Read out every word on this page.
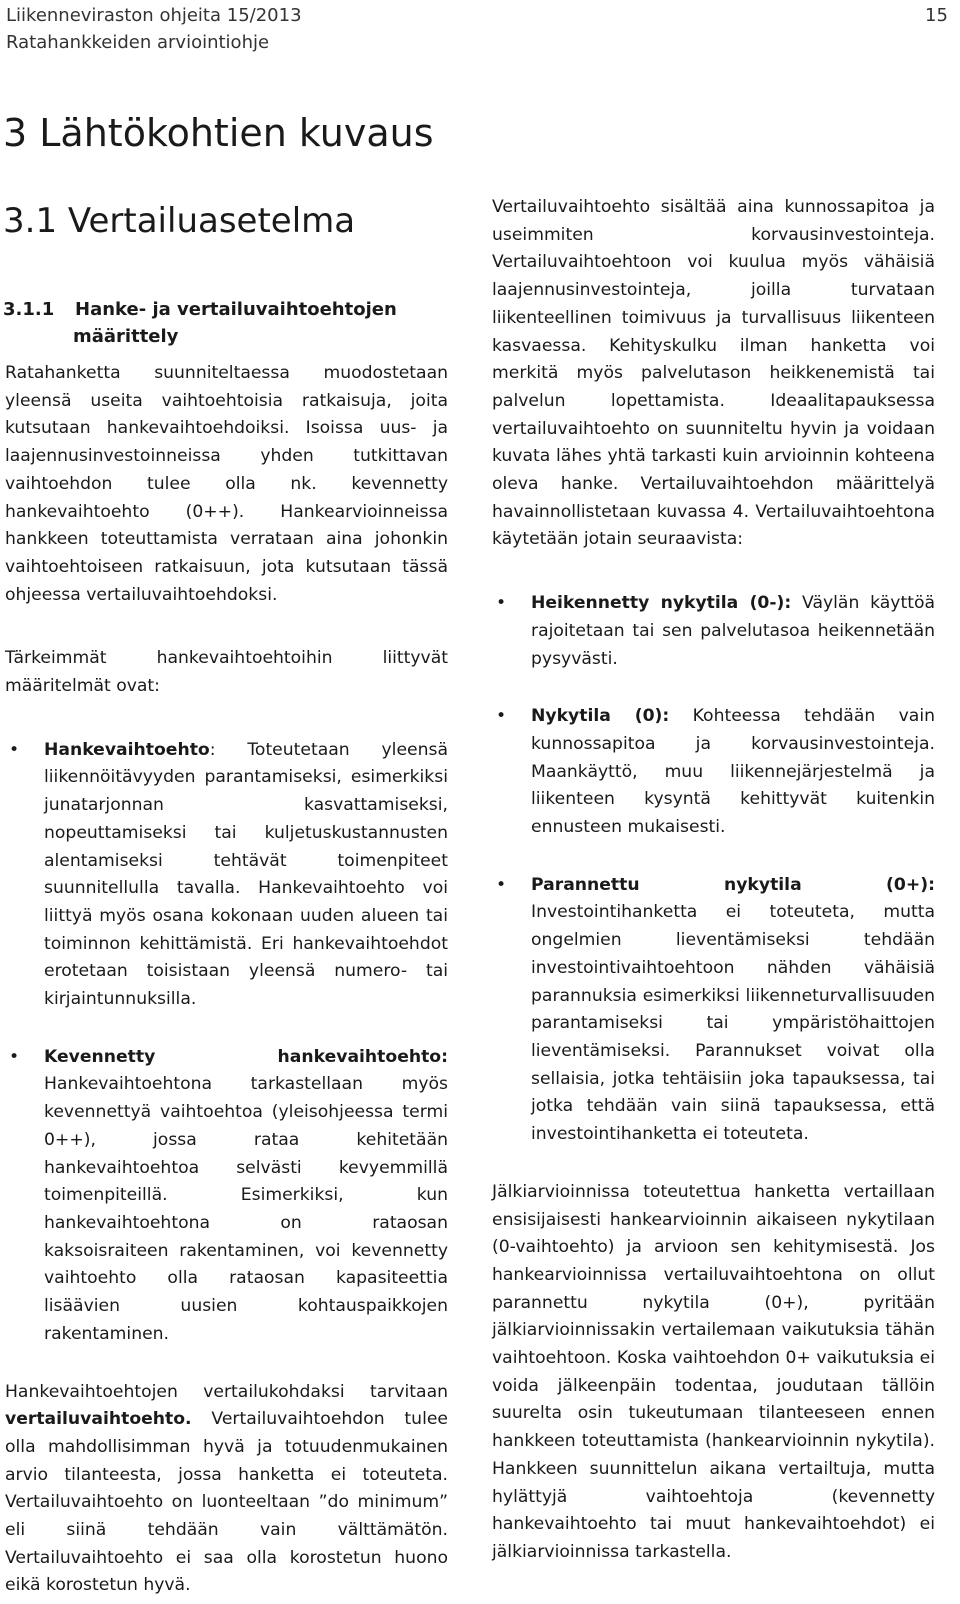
Liikenneviraston ohjeita 15/2013
Ratahankkeiden arviointiohje
15
3 Lähtökohtien kuvaus
3.1 Vertailuasetelma
3.1.1 Hanke- ja vertailuvaihtoehtojen
määrittely

Ratahanketta suunniteltaessa muodostetaan yleensä useita vaihtoehtoisia ratkaisuja, joita kutsutaan hankevaihtoehdoiksi. Isoissa uus- ja laajennusinvestoinneissa yhden tutkittavan vaihtoehdon tulee olla nk. kevennetty hankevaihtoehto (0++). Hankearvioinneissa hankkeen toteuttamista verrataan aina johonkin vaihtoehtoiseen ratkaisuun, jota kutsutaan tässä ohjeessa vertailuvaihtoehdoksi.

Tärkeimmät hankevaihtoehtoihin liittyvät määritelmät ovat:

• Hankevaihtoehto: Toteutetaan yleensä liikennöitävyyden parantamiseksi, esimerkiksi junatarjonnan kasvattamiseksi, nopeuttamiseksi tai kuljetuskustannusten alentamiseksi tehtävät toimenpiteet suunnitellulla tavalla. Hankevaihtoehto voi liittyä myös osana kokonaan uuden alueen tai toiminnon kehittämistä. Eri hankevaihtoehdot erotetaan toisistaan yleensä numero- tai kirjaintunnuksilla.
• Kevennetty hankevaihtoehto: Hankevaihtoehtona tarkastellaan myös kevennettyä vaihtoehtoa (yleisohjeessa termi 0++), jossa rataa kehitetään hankevaihtoehtoa selvästi kevyemmillä toimenpiteillä. Esimerkiksi, kun hankevaihtoehtona on rataosan kaksoisraiteen rakentaminen, voi kevennetty vaihtoehto olla rataosan kapasiteettia lisäävien uusien kohtauspaikkojen rakentaminen.

Hankevaihtoehtojen vertailukohdaksi tarvitaan vertailuvaihtoehto. Vertailuvaihtoehdon tulee olla mahdollisimman hyvä ja totuudenmukainen arvio tilanteesta, jossa hanketta ei toteuteta. Vertailuvaihtoehto on luonteeltaan ”do minimum” eli siinä tehdään vain välttämätön. Vertailuvaihtoehto ei saa olla korostetun huono eikä korostetun hyvä.

Vertailuvaihtoehto sisältää aina kunnossapitoa ja useimmiten korvausinvestointeja. Vertailuvaihtoehtoon voi kuulua myös vähäisiä laajennusinvestointeja, joilla turvataan liikenteellinen toimivuus ja turvallisuus liikenteen kasvaessa. Kehityskulku ilman hanketta voi merkitä myös palvelutason heikkenemistä tai palvelun lopettamista. Ideaalitapauksessa vertailuvaihtoehto on suunniteltu hyvin ja voidaan kuvata lähes yhtä tarkasti kuin arvioinnin kohteena oleva hanke. Vertailuvaihtoehdon määrittelyä havainnollistetaan kuvassa 4. Vertailuvaihtoehtona käytetään jotain seuraavista:

• Heikennetty nykytila (0-): Väylän käyttöä rajoitetaan tai sen palvelutasoa heikennetään pysyvästi.
• Nykytila (0): Kohteessa tehdään vain kunnossapitoa ja korvausinvestointeja. Maankäyttö, muu liikennejärjestelmä ja liikenteen kysyntä kehittyvät kuitenkin ennusteen mukaisesti.
• Parannettu nykytila (0+): Investointihanketta ei toteuteta, mutta ongelmien lieventämiseksi tehdään investointivaihtoehtoon nähden vähäisiä parannuksia esimerkiksi liikenneturvallisuuden parantamiseksi tai ympäristöhaittojen lieventämiseksi. Parannukset voivat olla sellaisia, jotka tehtäisiin joka tapauksessa, tai jotka tehdään vain siinä tapauksessa, että investointihanketta ei toteuteta.

Jälkiarvioinnissa toteutettua hanketta vertaillaan ensisijaisesti hankearvioinnin aikaiseen nykytilaan (0-vaihtoehto) ja arvioon sen kehitymisestä. Jos hankearvioinnissa vertailuvaihtoehtona on ollut parannettu nykytila (0+), pyritään jälkiarvioinnissakin vertailemaan vaikutuksia tähän vaihtoehtoon. Koska vaihtoehdon 0+ vaikutuksia ei voida jälkeenpäin todentaa, joudutaan tällöin suurelta osin tukeutumaan tilanteeseen ennen hankkeen toteuttamista (hankearvioinnin nykytila). Hankkeen suunnittelun aikana vertailtuja, mutta hylättyjä vaihtoehtoja (kevennetty hankevaihtoehto tai muut hankevaihtoehdot) ei jälkiarvioinnissa tarkastella.
